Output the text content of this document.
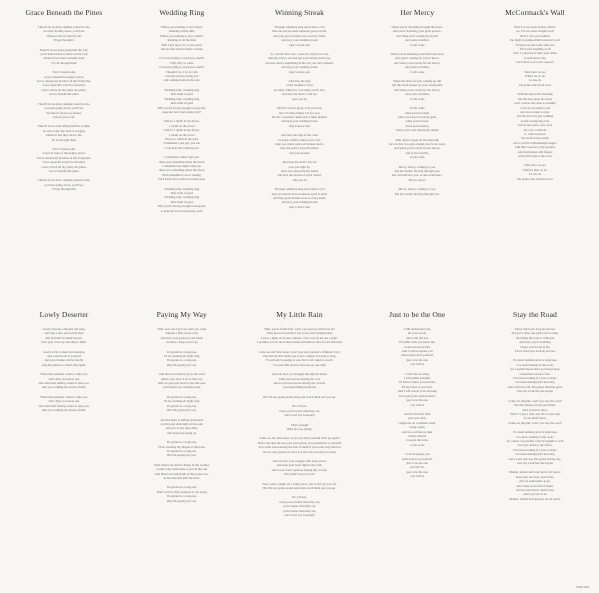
Grace Beneath the Pines
There'll be no more running round for me,
no more fooling down, you'll see
whatever lies in front for me
I'll get through it
There'll be no more going half the way,
you'd better listen to those words I say
whatever lies there beneath today
I'll cut through them
Now I found some
Grace beneath the judge's gavel,
Grace among my brothers in the living line,
Grace upon the road I've travelled,
Grace I have all my pains, the pines,
Grace beneath the pines
There'll be no more running round for me,
no more going down, you'll see
the line in favour, no money
before you to see
There'll be no more lifting half the weight,
no slow train, my back to struggle
whatever lies they told to me,
I'll be through them
Now I found some
Grace in front of the judge's gavel,
Grace among my brothers in the living line,
Grace upon the road I've travelled,
Grace I have all my pains, the pines,
Grace beneath the pines
There'll be no more running round for me,
no more going down, you'll see
I'll get through this
Wedding Ring
Where you running to now baby?
Running all the time
Where you running to now, darlin'?
Running in all the time
Well I just hope it's to your sister
and not that mean brother of mine
I've been trying to reach you, darlin'
Fifty, fifty to come
I've been trying to reach you, darlin'
Though I try, I try in vain
I always end up losing you
and walking home in the rain
Wedding ring, wedding ring
little band of gold
Wedding ring, wedding ring
little band of gold
Will you be strong enough to keep her,
keep her love from going cold?
There's a rabbit in my throat,
a rabbit on the prowl
There's a rabbit in my throat,
a rabbit on the prowl
There's a rabbit in the yard,
Sometimes I just get, you see
I can hear that rabbit growl
I remember when I met you
there was something about the moon
I remember the night I met you
there was something about the moon
Well sometimes I see it waning,
but I know that you'll be leaving soon
Wedding ring, wedding ring
little band of gold
Wedding ring, wedding ring
little band of gold
Will you be strong enough to keep her,
to keep her love from going cold?
Winning Streak
Through summers long and winters cold
this one always been someone good to hold,
and your good fortune was on every hand,
and may your winning streak
take it never end
So, call the first. See, 'cause my mercy's no sin,
take my advice son and put your money down too,
because there's something in the eye you can't pretend,
and may your winning streak
may it never end
And may the sign
of the Southern Cross
be some comfort to you when you're lost,
and may the devil's wolf not
pass you by
Well it's not for glory, I tell you true,
but I do these things I do for you,
but for a promise I made now I must defend,
and may your winning streak
may it never end
And may the sign of the cross
be some comfort when you're lost,
help you when you're all broken down,
may the spirit of good brothers
turn you around
And may the devil's toll not
pass you right by,
don't you look back my friend
and may the storms of good charity
take you in
Through summers long and winters cold
may you always have someone good to hold,
and may good fortune wait on every hand,
and may your winning streak
may it never end
Her Mercy
When you're travelling through the hours,
and you're doubting your great powers,
and when you've made the leavin'
and you're terrified,
it will come
When you're sneaking round the back door,
and you're waiting for you to move,
and when you're ready for her mercy,
and you're terrified,
it will come
When the birds are just coming up still
and the dawn breaks on your windowsill,
and when you're ready for her mercy,
and you're terrified,
it will come
It will come
when you're broken,
when your heart is barely open,
when you're down,
down and troubled,
when you're lost among the rubble
Well, there's sugar on the sidewalk,
let's do that two-step around your front room,
and when you're ready for her mercy,
and you're worthy,
it will come
Mercy, mercy, coming to you,
feel her beauty flowing through you,
she will embrace you, as she would hers.
Mercy, mercy
Mercy, mercy, coming to you,
feel her beauty flowing through you.
McCormack's Wall
Well, I've not been honest, darlin',
no, I've not been straight at all
Well, I lost your number
the night we jumped McCormack's wall
I'd given up the bottle with you
I'd've said anything at all
Now I could never miss your name
I could never stay,
but I know you won't respond
Well, here we are
Where we so far
La dee da
I'm gonna ride black river
With the lads in the morning
and the door open the doors
well, a horse ran came a-crashing
'cross an old lonely road
and cars wanted to pray
and the lord was just walking
on the roaring big river
and no one rode a-one of us
all to be a child an'
to come between
the loons to the parish
and to all the O Beanmaigh singers
with their roses in a lady ground,
And forgiveness still lingers
in the hells above the town
Well, here we are
Where's there to do
La dee da
I'm gonna ride on black river
Lowly Deserter
Lowly deserter, sing that old song,
and sing a new one for the men
still in battle for them heaven,
save your voice up and sing to them.
Lowly lovin, it must be lonesome,
take a hard look at yourself
and your brother will be hardly
sing his praises, to them sing again.
When that question comes to find you,
don't deny you never ran,
and when that feeling comes to take you,
take you walking the streets of hell.
When that question comes to find you,
don't deny you never ran,
and when that feeling comes to take you,
take you walking the streets of hell.
Paying My Way
Well, now can I get you what you want
without a little work a day
And don't you pack up your trunk,
we have a long road to go
It's gonna be a long one,
I'll be working all night long
It's gonna be a long one,
But I'm paying my way
And there's not much joy in the work
unless your boss is do it, they say
And we gotta get down to the dirt now
you'd better get working today
It's gonna be a long one,
I'll be working all night long
It's gonna be a long one,
But I'm paying my way
And the heart is sliding backwards
on this long dark night of the soul,
and you do the only thing
that keeps me going on
It's gonna be a long one,
I'll be working my fingers to the bone,
It's gonna be a long one,
But I'm paying my way
Well, there's not much change in the weather
on this long walk home to you in the rain
And there's not much left in the prayer now
in the man that kills me more
It's gonna be a long one,
Don't wait for that weekend to roll along
It's gonna be a long one,
But I'm paying my way
My Little Rain
Well, you're feelin' fine, won't you open up and let us in?
Time has not been kind, but you're still standing here
Leave a light on in your window, won't you let me see a sign?
I promise you no more than smoke and mirrors now for me this time
Come on, my little sister, won't you step yourself a different way?
The melody that made you is not a simple old song to sing,
Everybody's looking at you, but I can't stand to watch
I've seen this movie come and go one time
And oh, how you struggle through the hours
with your sorrow beating the way
and as you tread down among the crowds,
you seem timing inside me
But I'm not gonna stand aside and watch them tear you up.
No, I'm not,
'cause you're better than they are,
and I can't say it enough
That's enough
What are you doing?
Come on, my little sister, won't you hold yourself back up again?
Won't you take the step you were given, you promised it to yourself
You could stand among the best of them if you could only hold on
but no one's gonna do it for you but, but you and you alone
And oh, how you struggle with your power,
and keep your back right to the wall,
and as you were captured among the crowds,
they didn't see you at all
Now you're caught on a rising wave, and I can't get you off,
But I'm not gonna stand aside and watch them tear you up.
No, I'm not,
'cause you're better than they are,
you're better than they are,
you're better than they are,
and I can't say it enough
Just to be the One
I still understand you,
all your words,
and I will tell you
I'll suffer what you know me,
would run in parallel,
And I will recognize you
when you're here yourself,
just to be the one
you will be
I will raise an army,
I will gather strength,
I'll follow where you lead me,
I'll lay down at your feet,
And I will search your morning
and sound your restless heart,
just to be the one
you will be
And for the first time
you were dark,
caught me on a summer swell,
sweep again,
And we watched as their
bodies danced
towards the rocks
to the rocks
I will recognize you
when you're on yourself,
just to be the one
you will be,
just to be the one
you will be
Stay the Road
Tired, tired eyes look up and see
all you've done, the path you've come,
the things that you've achieved
And now you're doubting
I hope you'll trust in me
Tired, tired eyes look up and see
I've been running down a dark lane,
I've been missing in the rocks
for a golden moon she's got rusted deep
somewhere inside of her.
I've been working for your wonder,
I've been missing hard and long
and I will not fold, I'm gonna find that gold,
now my work has just begun
Come on, pilgrim, won't you stay the road?
Put that distance from your mind,
don't you let it show,
Well, it's just a ride, and I'm at your side
if you didn't know
Come on, pilgrim, won't you stay the road?
I've been running down a dark lane,
I've been wanting to the rocks
for a heart of gold that can't be bought or sold
don't get down to the office,
I've been working for your wonder,
I've been missing hard and long
and I won't give up, I'm gonna fill my cup,
now my work has just begun
Mother, shelter hell sing me for all below,
keep your doorway open wide,
give us somewhere to go.
And when we're full of doubt,
and we don't know which way,
don't you tell us no
Mother, shelter hell sing me for all below
TWM-006
